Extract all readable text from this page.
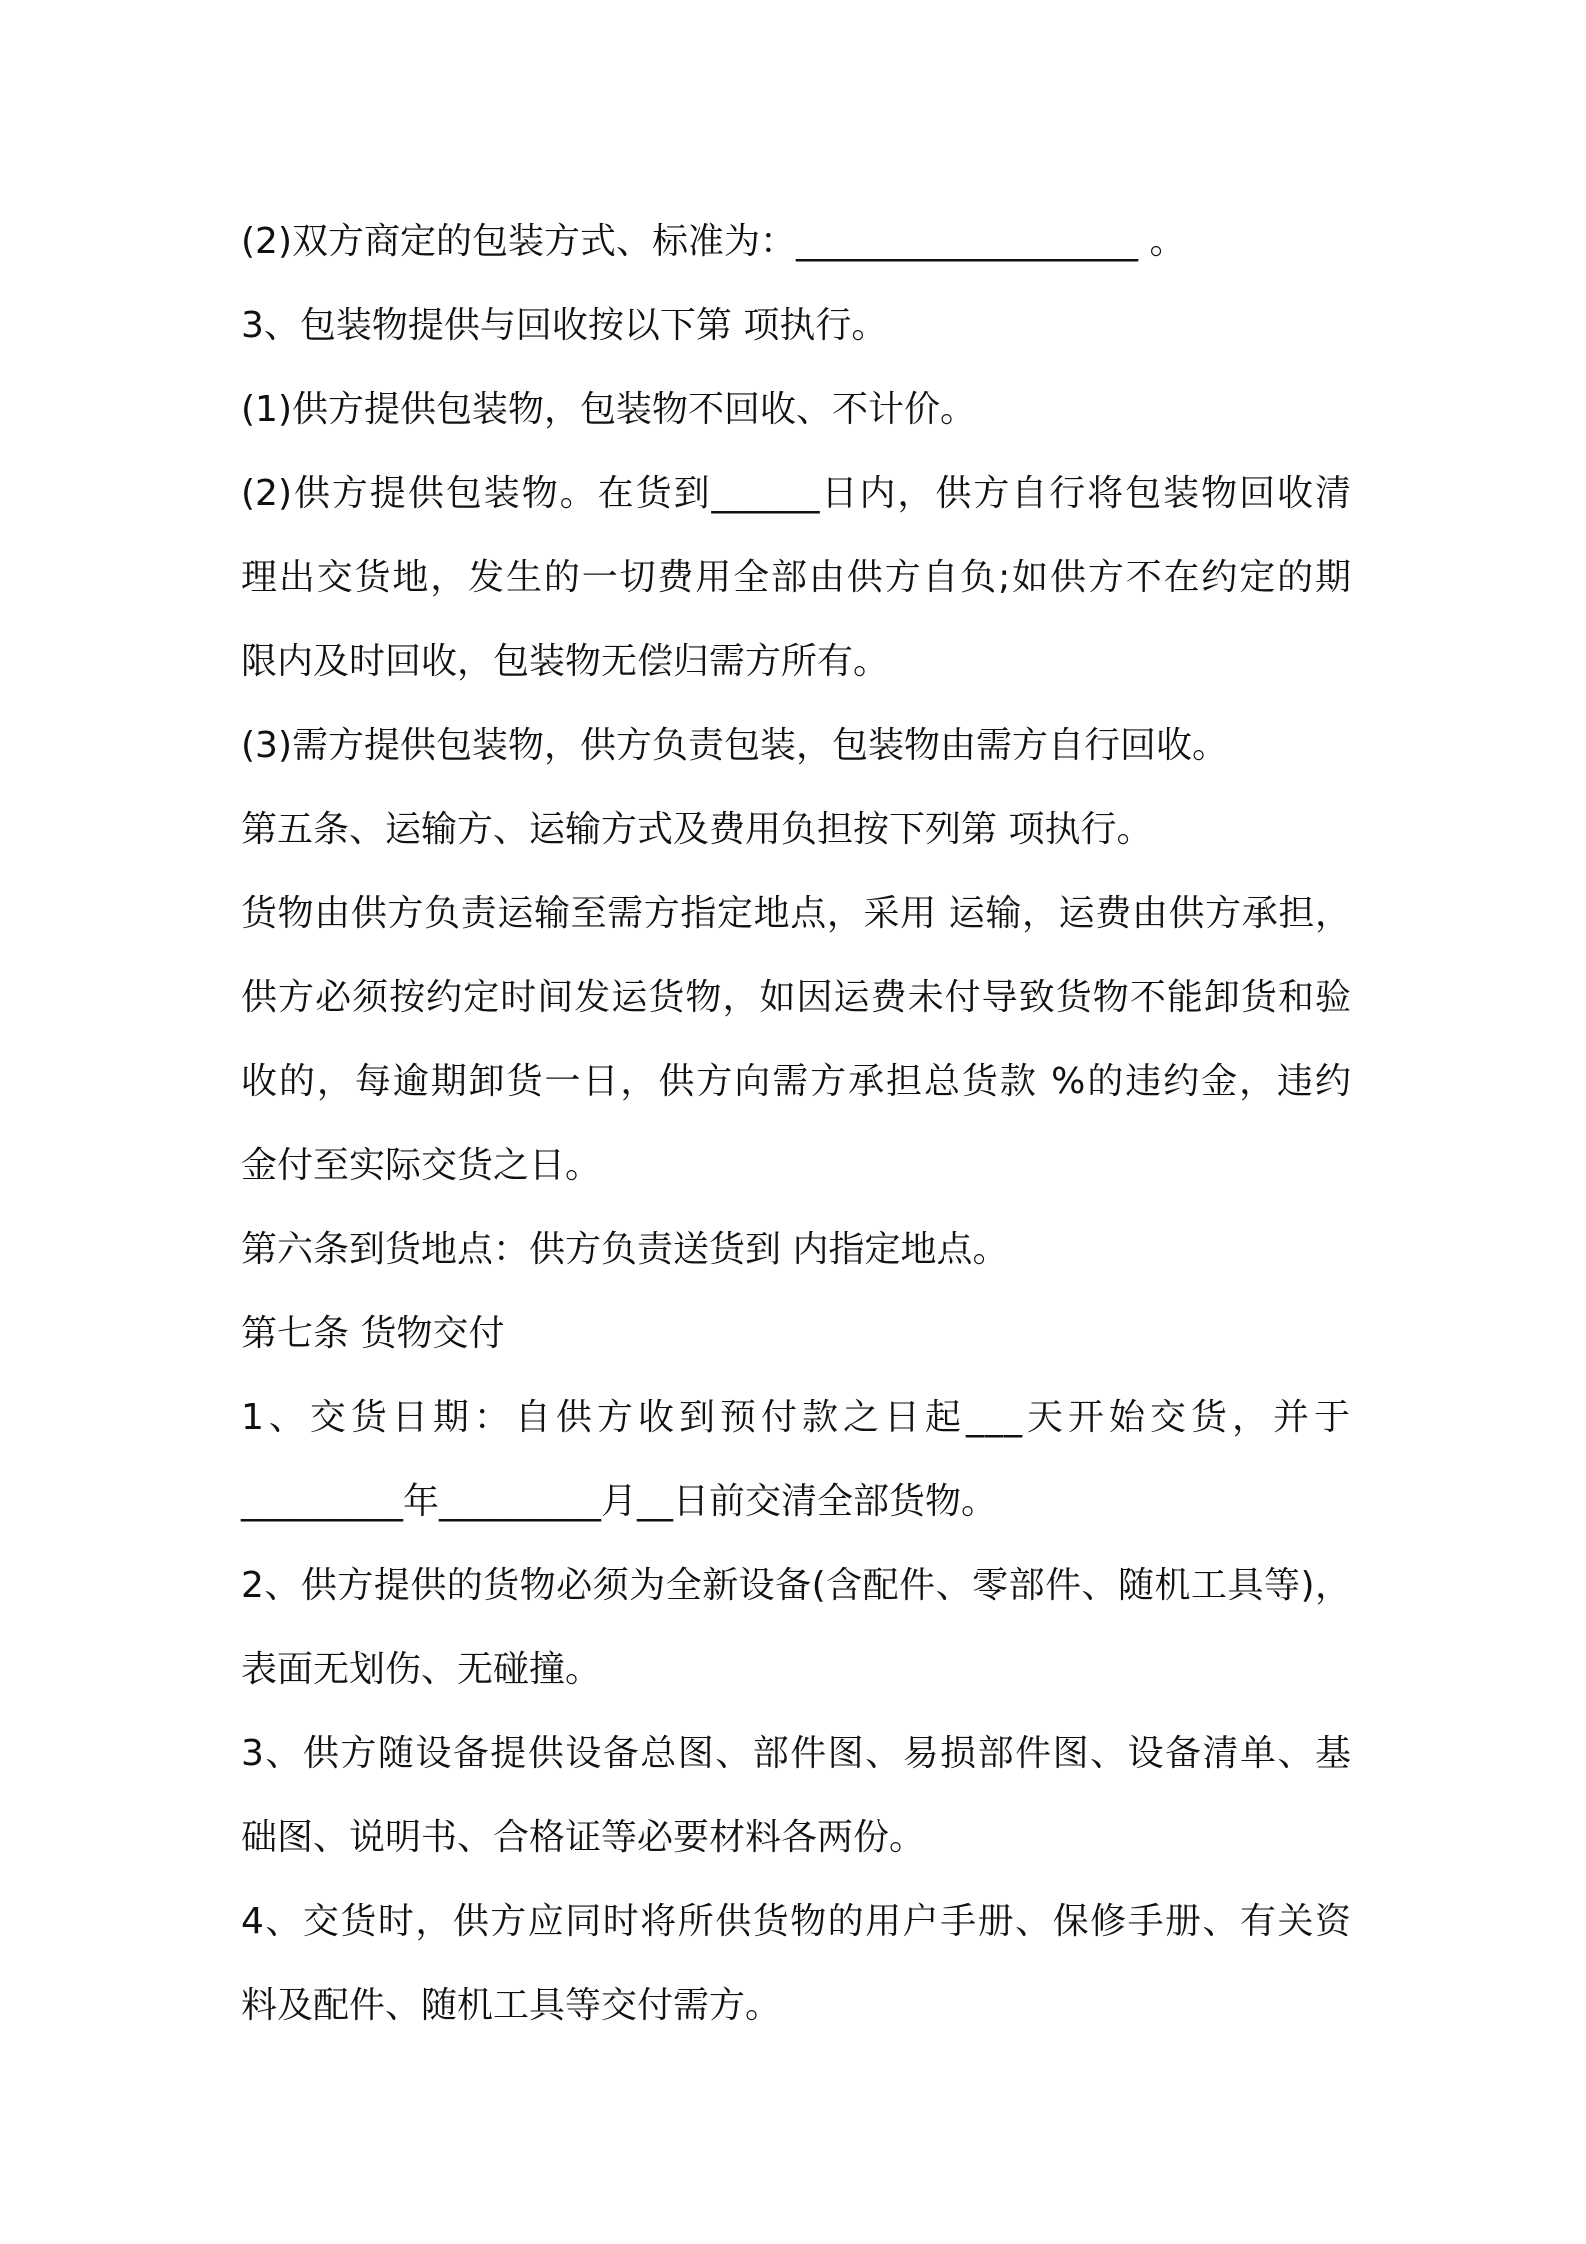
(2)双方商定的包装方式、标准为：___________________ 。
3、包装物提供与回收按以下第 项执行。
(1)供方提供包装物，包装物不回收、不计价。
(2)供方提供包装物。在货到______日内，供方自行将包装物回收清
理出交货地，发生的一切费用全部由供方自负;如供方不在约定的期
限内及时回收，包装物无偿归需方所有。
(3)需方提供包装物，供方负责包装，包装物由需方自行回收。
第五条、运输方、运输方式及费用负担按下列第 项执行。
货物由供方负责运输至需方指定地点，采用 运输，运费由供方承担，
供方必须按约定时间发运货物，如因运费未付导致货物不能卸货和验
收的，每逾期卸货一日，供方向需方承担总货款 %的违约金，违约
金付至实际交货之日。
第六条到货地点：供方负责送货到 内指定地点。
第七条 货物交付
1、交货日期：自供方收到预付款之日起___天开始交货，并于
_________年_________月__日前交清全部货物。
2、供方提供的货物必须为全新设备(含配件、零部件、随机工具等)，
表面无划伤、无碰撞。
3、供方随设备提供设备总图、部件图、易损部件图、设备清单、基
础图、说明书、合格证等必要材料各两份。
4、交货时，供方应同时将所供货物的用户手册、保修手册、有关资
料及配件、随机工具等交付需方。
